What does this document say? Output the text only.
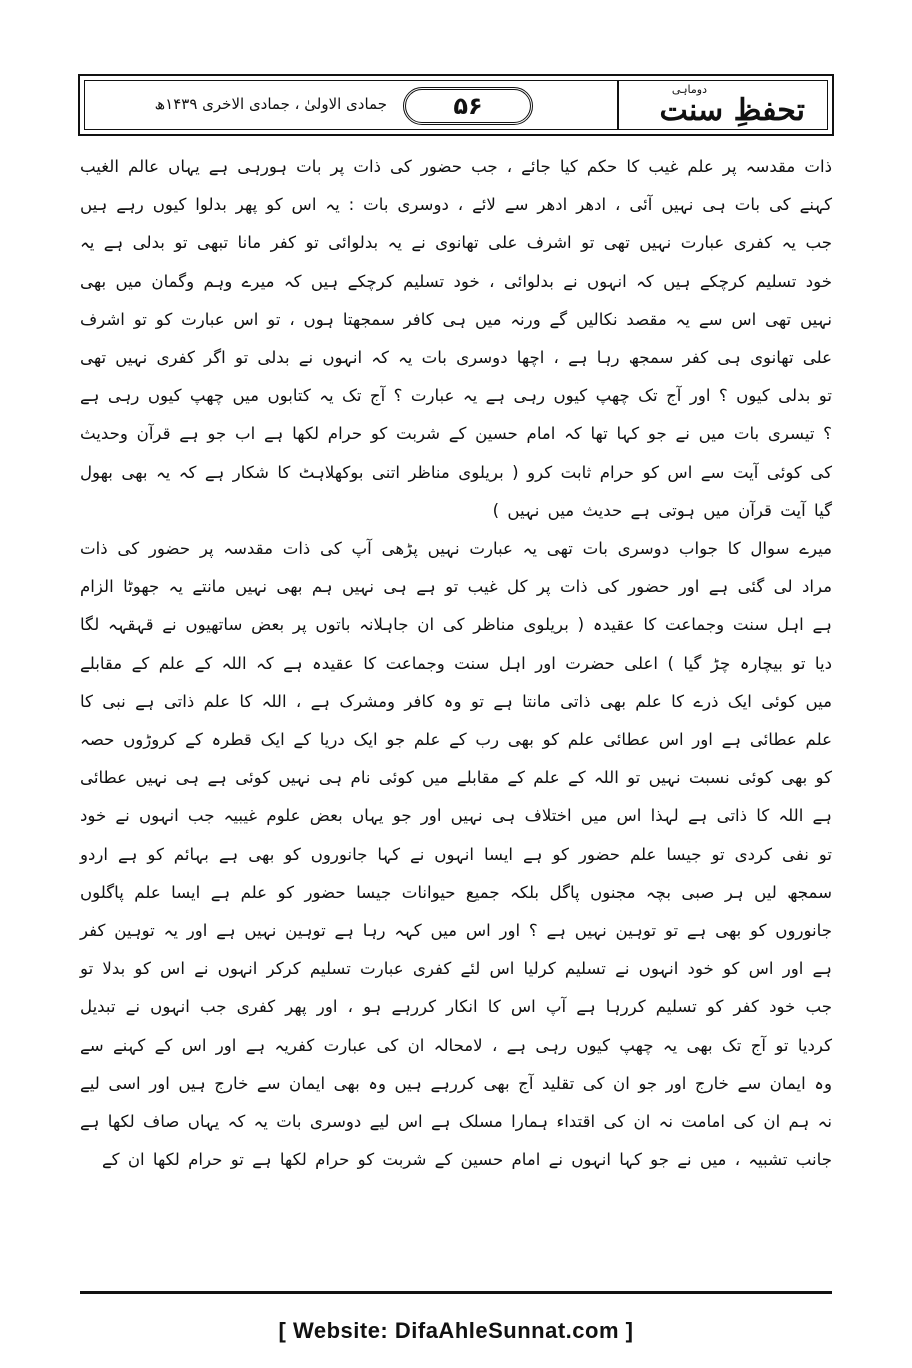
دوماہی
تحفظِ سنت
۵۶
جمادی الاولیٰ ، جمادی الاخری ۱۴۳۹ھ

ذات مقدسہ پر علم غیب کا حکم کیا جائے ، جب حضور کی ذات پر بات ہورہی ہے یہاں عالم الغیب کہنے کی بات ہی نہیں آئی ، ادھر ادھر سے لائے ، دوسری بات : یہ اس کو پھر بدلوا کیوں رہے ہیں جب یہ کفری عبارت نہیں تھی تو اشرف علی تھانوی نے یہ بدلوائی تو کفر مانا تبھی تو بدلی ہے یہ خود تسلیم کرچکے ہیں کہ انہوں نے بدلوائی ، خود تسلیم کرچکے ہیں کہ میرے وہم وگمان میں بھی نہیں تھی اس سے یہ مقصد نکالیں گے ورنہ میں ہی کافر سمجھتا ہوں ، تو اس عبارت کو تو اشرف علی تھانوی ہی کفر سمجھ رہا ہے ، اچھا دوسری بات یہ کہ انہوں نے بدلی تو اگر کفری نہیں تھی تو بدلی کیوں ؟ اور آج تک چھپ کیوں رہی ہے یہ عبارت ؟ آج تک یہ کتابوں میں چھپ کیوں رہی ہے ؟ تیسری بات میں نے جو کہا تھا کہ امام حسین کے شربت کو حرام لکھا ہے اب جو ہے قرآن وحدیث کی کوئی آیت سے اس کو حرام ثابت کرو ( بریلوی مناظر اتنی بوکھلاہٹ کا شکار ہے کہ یہ بھی بھول گیا آیت قرآن میں ہوتی ہے حدیث میں نہیں )

میرے سوال کا جواب دوسری بات تھی یہ عبارت نہیں پڑھی آپ کی ذات مقدسہ پر حضور کی ذات مراد لی گئی ہے اور حضور کی ذات پر کل غیب تو ہے ہی نہیں ہم بھی نہیں مانتے یہ جھوٹا الزام ہے اہل سنت وجماعت کا عقیدہ ( بریلوی مناظر کی ان جاہلانہ باتوں پر بعض ساتھیوں نے قہقہہ لگا دیا تو بیچارہ چڑ گیا ) اعلی حضرت اور اہل سنت وجماعت کا عقیدہ ہے کہ اللہ کے علم کے مقابلے میں کوئی ایک ذرے کا علم بھی ذاتی مانتا ہے تو وہ کافر ومشرک ہے ، اللہ کا علم ذاتی ہے نبی کا علم عطائی ہے اور اس عطائی علم کو بھی رب کے علم جو ایک دریا کے ایک قطرہ کے کروڑوں حصہ کو بھی کوئی نسبت نہیں تو اللہ کے علم کے مقابلے میں کوئی نام ہی نہیں کوئی ہے ہی نہیں عطائی ہے اللہ کا ذاتی ہے لہذا اس میں اختلاف ہی نہیں اور جو یہاں بعض علوم غیبیہ جب انہوں نے خود تو نفی کردی تو جیسا علم حضور کو ہے ایسا انہوں نے کہا جانوروں کو بھی ہے بہائم کو ہے اردو سمجھ لیں ہر صبی بچہ مجنوں پاگل بلکہ جمیع حیوانات جیسا حضور کو علم ہے ایسا علم پاگلوں جانوروں کو بھی ہے تو توہین نہیں ہے ؟ اور اس میں کہہ رہا ہے توہین نہیں ہے اور یہ توہین کفر ہے اور اس کو خود انہوں نے تسلیم کرلیا اس لئے کفری عبارت تسلیم کرکر انہوں نے اس کو بدلا تو جب خود کفر کو تسلیم کررہا ہے آپ اس کا انکار کررہے ہو ، اور پھر کفری جب انہوں نے تبدیل کردیا تو آج تک بھی یہ چھپ کیوں رہی ہے ، لامحالہ ان کی عبارت کفریہ ہے اور اس کے کہنے سے وہ ایمان سے خارج اور جو ان کی تقلید آج بھی کررہے ہیں وہ بھی ایمان سے خارج ہیں اور اسی لیے نہ ہم ان کی امامت نہ ان کی اقتداء ہمارا مسلک ہے اس لیے دوسری بات یہ کہ یہاں صاف لکھا ہے جانب تشبیہ ، میں نے جو کہا انہوں نے امام حسین کے شربت کو حرام لکھا ہے تو حرام لکھا ان کے

[ Website: DifaAhleSunnat.com ]
